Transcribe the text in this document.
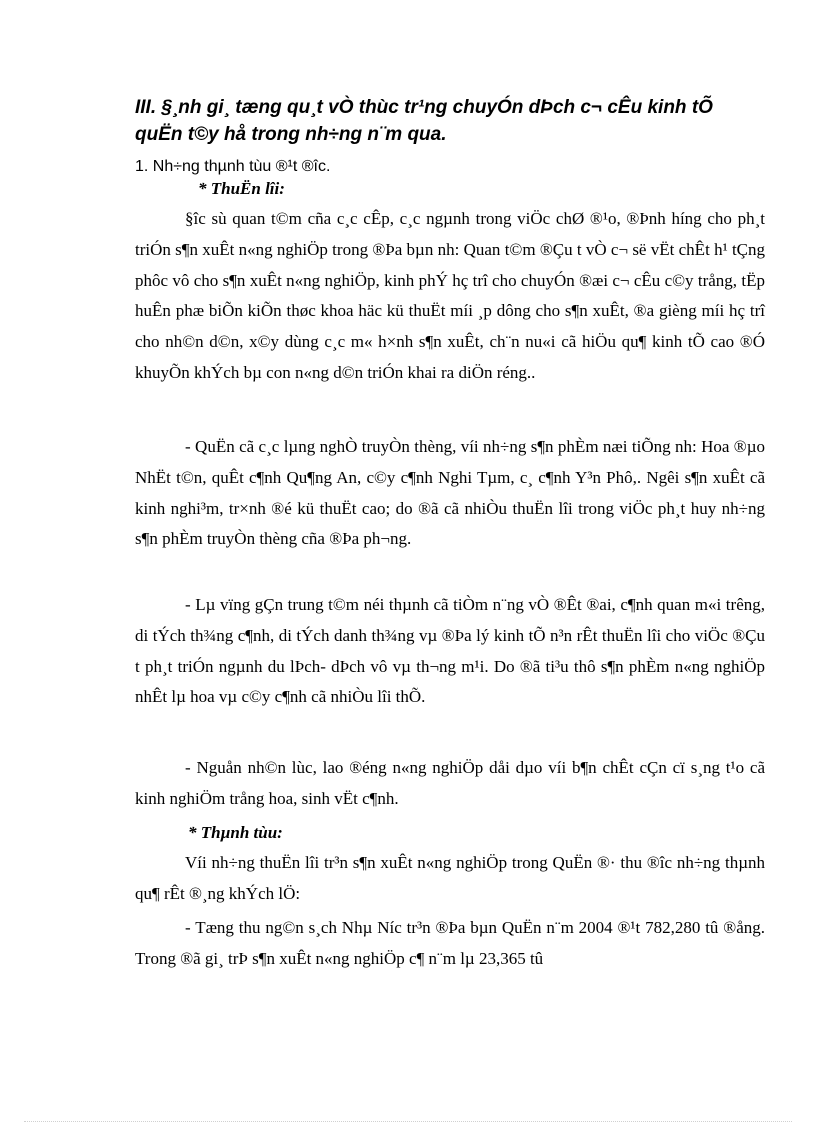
III. §¸nh gi¸ tæng qu¸t vÒ thùc tr¹ng chuyÓn dÞch c¬ cÊu kinh tÕ quËn t©y hå trong nh÷ng n¨m qua.

1. Nh÷ng thµnh tùu ®¹t ®îc.

* ThuËn lîi:

§îc sù quan t©m cña c¸c cÊp, c¸c ngµnh trong viÖc chØ ®¹o, ®Þnh híng cho ph¸t triÓn s¶n xuÊt n«ng nghiÖp trong ®Þa bµn nh: Quan t©m ®Çu t vÒ c¬ së vËt chÊt h¹ tÇng phôc vô cho s¶n xuÊt n«ng nghiÖp, kinh phÝ hç trî cho chuyÓn ®æi c¬ cÊu c©y trång, tËp huÊn phæ biÕn kiÕn thøc khoa häc kü thuËt míi ¸p dông cho s¶n xuÊt, ®a gièng míi hç trî cho nh©n d©n, x©y dùng c¸c m« h×nh s¶n xuÊt, ch¨n nu«i cã hiÖu qu¶ kinh tÕ cao ®Ó khuyÕn khÝch bµ con n«ng d©n triÓn khai ra diÖn réng..

- QuËn cã c¸c lµng nghÒ truyÒn thèng, víi nh÷ng s¶n phÈm næi tiÕng nh: Hoa ®µo NhËt t©n, quÊt c¶nh Qu¶ng An, c©y c¶nh Nghi Tµm, c¸ c¶nh Y³n Phô,. Ngêi s¶n xuÊt cã kinh nghi³m, tr×nh ®é kü thuËt cao; do ®ã cã nhiÒu thuËn lîi trong viÖc ph¸t huy nh÷ng s¶n phÈm truyÒn thèng cña ®Þa ph¬ng.

- Lµ vïng gÇn trung t©m néi thµnh cã tiÒm n¨ng vÒ ®Êt ®ai, c¶nh quan m«i trêng, di tÝch th¾ng c¶nh, di tÝch danh th¾ng vµ ®Þa lý kinh tÕ n³n rÊt thuËn lîi cho viÖc ®Çu t ph¸t triÓn ngµnh du lÞch- dÞch vô vµ th¬ng m¹i. Do ®ã ti³u thô s¶n phÈm n«ng nghiÖp nhÊt lµ hoa vµ c©y c¶nh cã nhiÒu lîi thÕ.

- Nguån nh©n lùc, lao ®éng n«ng nghiÖp dåi dµo víi b¶n chÊt cÇn cï s¸ng t¹o cã kinh nghiÖm trång hoa, sinh vËt c¶nh.

* Thµnh tùu:

Víi nh÷ng thuËn lîi tr³n s¶n xuÊt n«ng nghiÖp trong QuËn ®· thu ®îc nh÷ng thµnh qu¶ rÊt ®¸ng khÝch lÖ:

- Tæng thu ng©n s¸ch Nhµ Níc tr³n ®Þa bµn QuËn n¨m 2004 ®¹t 782,280 tû ®ång. Trong ®ã gi¸ trÞ s¶n xuÊt n«ng nghiÖp c¶ n¨m lµ 23,365 tû
